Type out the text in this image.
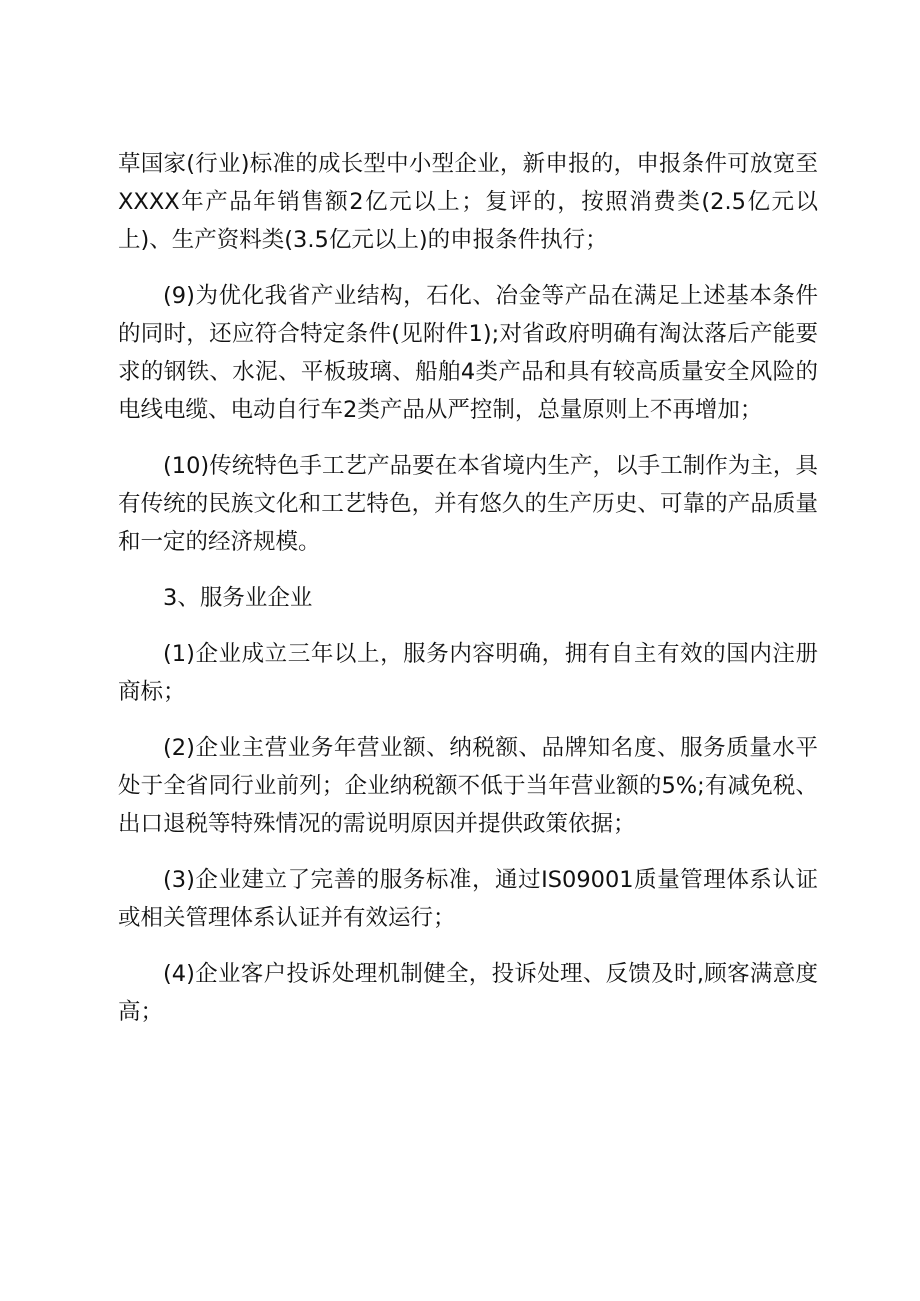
草国家(行业)标准的成长型中小型企业，新申报的，申报条件可放宽至XXXX年产品年销售额2亿元以上；复评的，按照消费类(2.5亿元以上)、生产资料类(3.5亿元以上)的申报条件执行；

(9)为优化我省产业结构，石化、冶金等产品在满足上述基本条件的同时，还应符合特定条件(见附件1);对省政府明确有淘汰落后产能要求的钢铁、水泥、平板玻璃、船舶4类产品和具有较高质量安全风险的电线电缆、电动自行车2类产品从严控制，总量原则上不再增加；

(10)传统特色手工艺产品要在本省境内生产，以手工制作为主，具有传统的民族文化和工艺特色，并有悠久的生产历史、可靠的产品质量和一定的经济规模。

3、服务业企业

(1)企业成立三年以上，服务内容明确，拥有自主有效的国内注册商标；

(2)企业主营业务年营业额、纳税额、品牌知名度、服务质量水平处于全省同行业前列；企业纳税额不低于当年营业额的5%;有减免税、出口退税等特殊情况的需说明原因并提供政策依据；

(3)企业建立了完善的服务标准，通过IS09001质量管理体系认证或相关管理体系认证并有效运行；

(4)企业客户投诉处理机制健全，投诉处理、反馈及时,顾客满意度高；
